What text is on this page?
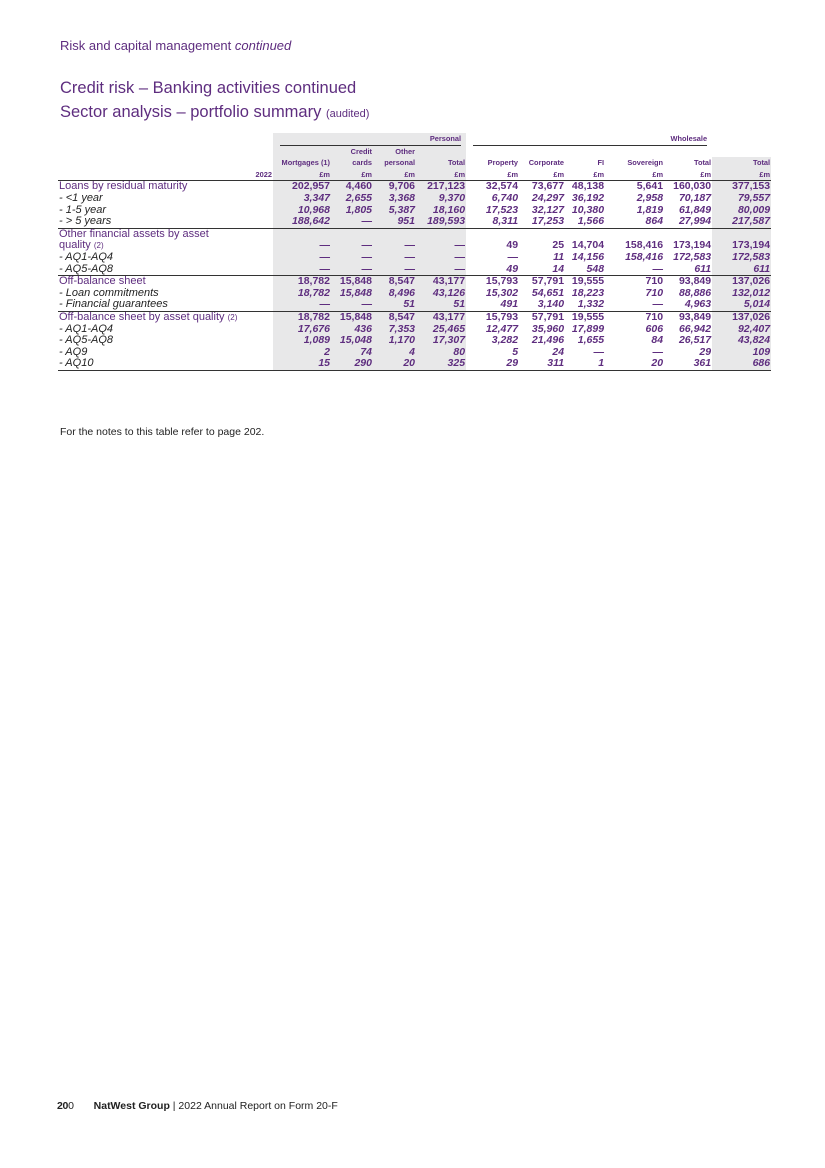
Risk and capital management continued
Credit risk – Banking activities continued
Sector analysis – portfolio summary (audited)

	Personal				Wholesale					

		Credit	Other							
	Mortgages (1)	cards	personal	Total	Property	Corporate	FI	Sovereign	Total	Total
2022	£m	£m	£m	£m	£m	£m	£m	£m	£m	£m
Loans by residual maturity	202,957	4,460	9,706	217,123	32,574	73,677	48,138	5,641	160,030	377,153
- <1 year	3,347	2,655	3,368	9,370	6,740	24,297	36,192	2,958	70,187	79,557
- 1-5 year	10,968	1,805	5,387	18,160	17,523	32,127	10,380	1,819	61,849	80,009
- > 5 years	188,642	—	951	189,593	8,311	17,253	1,566	864	27,994	217,587
Other financial assets by asset										
quality (2)	—	—	—	—	49	25	14,704	158,416	173,194	173,194
- AQ1-AQ4	—	—	—	—	—	11	14,156	158,416	172,583	172,583
- AQ5-AQ8	—	—	—	—	49	14	548	—	611	611
Off-balance sheet	18,782	15,848	8,547	43,177	15,793	57,791	19,555	710	93,849	137,026
- Loan commitments	18,782	15,848	8,496	43,126	15,302	54,651	18,223	710	88,886	132,012
- Financial guarantees	—	—	51	51	491	3,140	1,332	—	4,963	5,014
Off-balance sheet by asset quality (2)	18,782	15,848	8,547	43,177	15,793	57,791	19,555	710	93,849	137,026
- AQ1-AQ4	17,676	436	7,353	25,465	12,477	35,960	17,899	606	66,942	92,407
- AQ5-AQ8	1,089	15,048	1,170	17,307	3,282	21,496	1,655	84	26,517	43,824
- AQ9	2	74	4	80	5	24	—	—	29	109
- AQ10	15	290	20	325	29	311	1	20	361	686
For the notes to this table refer to page 202.
200 NatWest Group | 2022 Annual Report on Form 20-F
